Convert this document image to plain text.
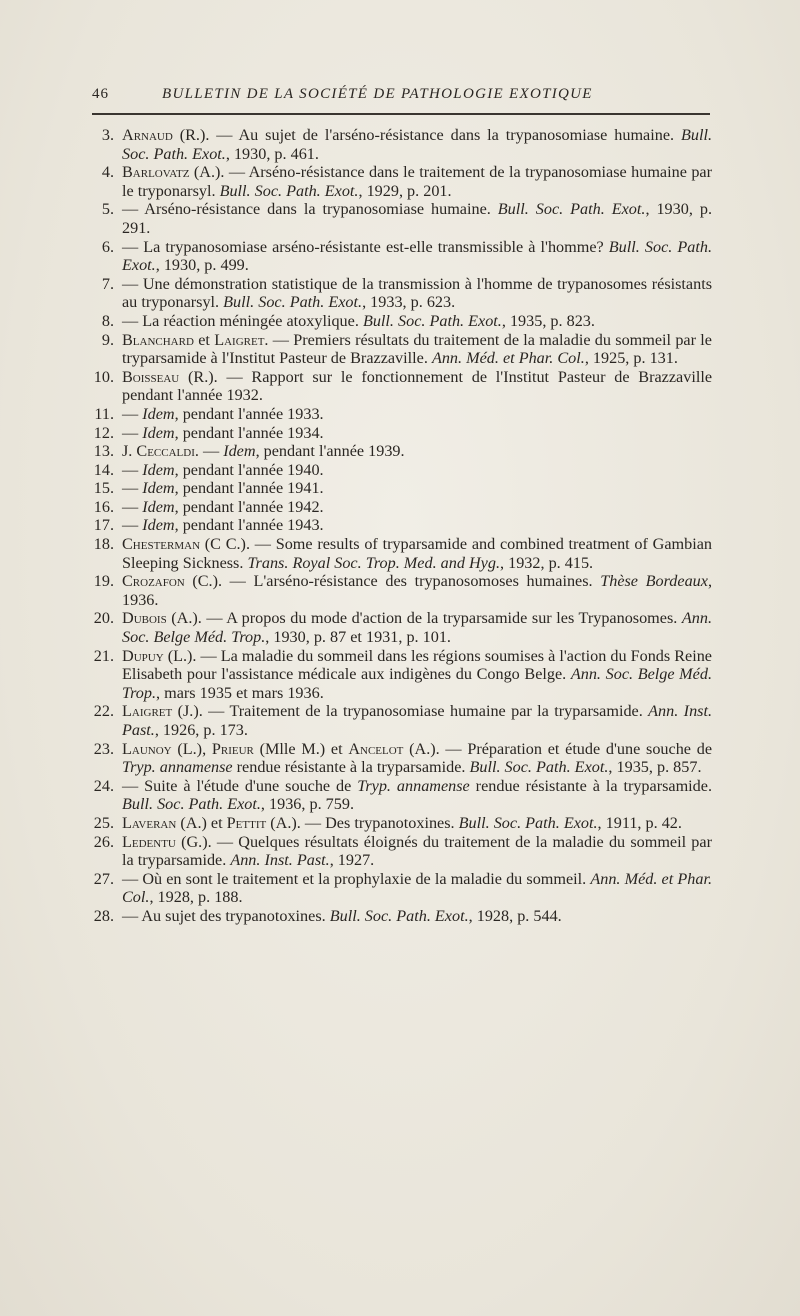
46	BULLETIN DE LA SOCIÉTÉ DE PATHOLOGIE EXOTIQUE
3. Arnaud (R.). — Au sujet de l'arséno-résistance dans la trypanosomiase humaine. Bull. Soc. Path. Exot., 1930, p. 461.
4. Barlovatz (A.). — Arséno-résistance dans le traitement de la trypanosomiase humaine par le tryponarsyl. Bull. Soc. Path. Exot., 1929, p. 201.
5. — Arséno-résistance dans la trypanosomiase humaine. Bull. Soc. Path. Exot., 1930, p. 291.
6. — La trypanosomiase arséno-résistante est-elle transmissible à l'homme? Bull. Soc. Path. Exot., 1930, p. 499.
7. — Une démonstration statistique de la transmission à l'homme de trypanosomes résistants au tryponarsyl. Bull. Soc. Path. Exot., 1933, p. 623.
8. — La réaction méningée atoxylique. Bull. Soc. Path. Exot., 1935, p. 823.
9. Blanchard et Laigret. — Premiers résultats du traitement de la maladie du sommeil par le tryparsamide à l'Institut Pasteur de Brazzaville. Ann. Méd. et Phar. Col., 1925, p. 131.
10. Boisseau (R.). — Rapport sur le fonctionnement de l'Institut Pasteur de Brazzaville pendant l'année 1932.
11. — Idem, pendant l'année 1933.
12. — Idem, pendant l'année 1934.
13. J. Ceccaldi. — Idem, pendant l'année 1939.
14. — Idem, pendant l'année 1940.
15. — Idem, pendant l'année 1941.
16. — Idem, pendant l'année 1942.
17. — Idem, pendant l'année 1943.
18. Chesterman (C C.). — Some results of tryparsamide and combined treatment of Gambian Sleeping Sickness. Trans. Royal Soc. Trop. Med. and Hyg., 1932, p. 415.
19. Crozafon (C.). — L'arséno-résistance des trypanosomoses humaines. Thèse Bordeaux, 1936.
20. Dubois (A.). — A propos du mode d'action de la tryparsamide sur les Trypanosomes. Ann. Soc. Belge Méd. Trop., 1930, p. 87 et 1931, p. 101.
21. Dupuy (L.). — La maladie du sommeil dans les régions soumises à l'action du Fonds Reine Elisabeth pour l'assistance médicale aux indigènes du Congo Belge. Ann. Soc. Belge Méd. Trop., mars 1935 et mars 1936.
22. Laigret (J.). — Traitement de la trypanosomiase humaine par la tryparsamide. Ann. Inst. Past., 1926, p. 173.
23. Launoy (L.), Prieur (Mlle M.) et Ancelot (A.). — Préparation et étude d'une souche de Tryp. annamense rendue résistante à la tryparsamide. Bull. Soc. Path. Exot., 1935, p. 857.
24. — Suite à l'étude d'une souche de Tryp. annamense rendue résistante à la tryparsamide. Bull. Soc. Path. Exot., 1936, p. 759.
25. Laveran (A.) et Pettit (A.). — Des trypanotoxines. Bull. Soc. Path. Exot., 1911, p. 42.
26. Ledentu (G.). — Quelques résultats éloignés du traitement de la maladie du sommeil par la tryparsamide. Ann. Inst. Past., 1927.
27. — Où en sont le traitement et la prophylaxie de la maladie du sommeil. Ann. Méd. et Phar. Col., 1928, p. 188.
28. — Au sujet des trypanotoxines. Bull. Soc. Path. Exot., 1928, p. 544.
